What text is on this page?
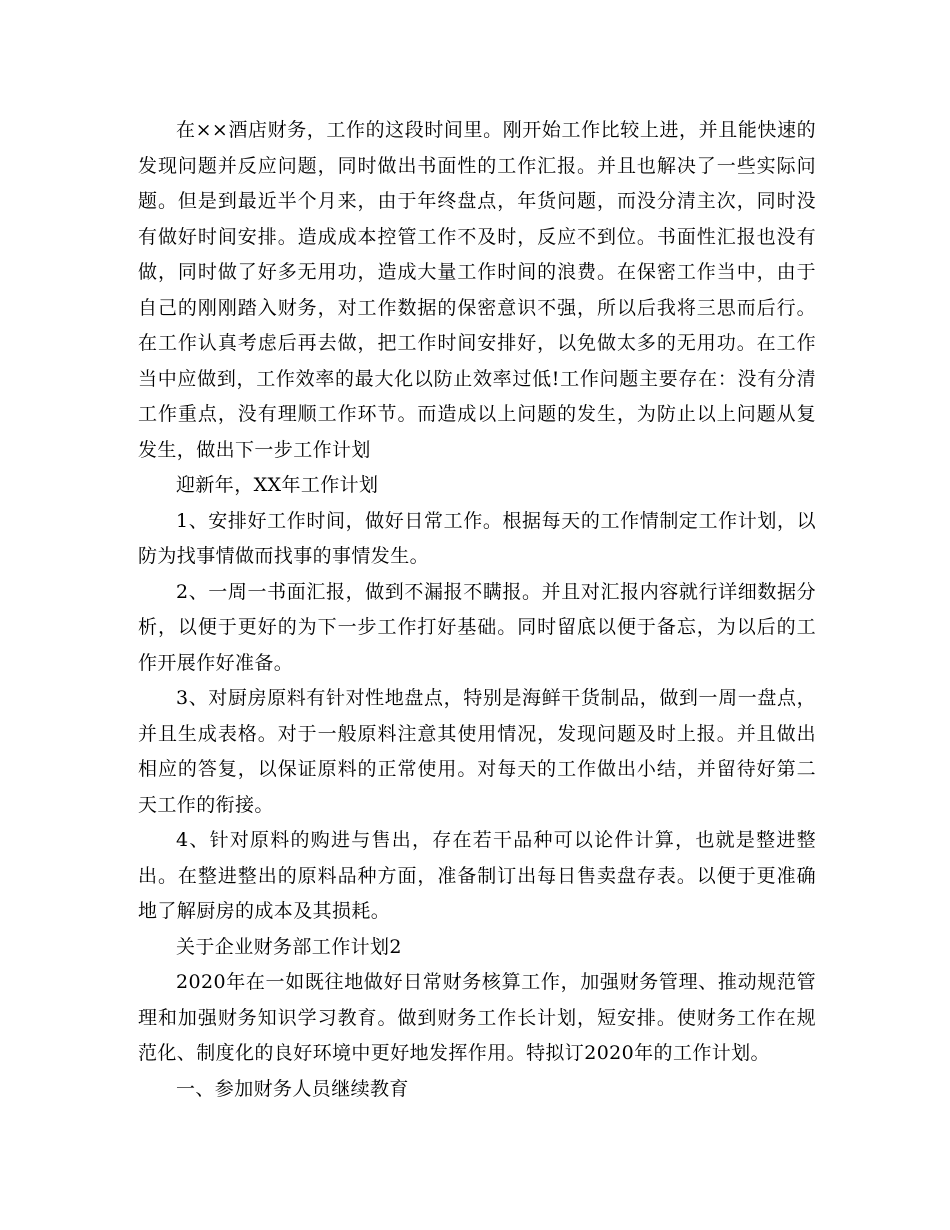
在××酒店财务，工作的这段时间里。刚开始工作比较上进，并且能快速的发现问题并反应问题，同时做出书面性的工作汇报。并且也解决了一些实际问题。但是到最近半个月来，由于年终盘点，年货问题，而没分清主次，同时没有做好时间安排。造成成本控管工作不及时，反应不到位。书面性汇报也没有做，同时做了好多无用功，造成大量工作时间的浪费。在保密工作当中，由于自己的刚刚踏入财务，对工作数据的保密意识不强，所以后我将三思而后行。在工作认真考虑后再去做，把工作时间安排好，以免做太多的无用功。在工作当中应做到，工作效率的最大化以防止效率过低!工作问题主要存在：没有分清工作重点，没有理顺工作环节。而造成以上问题的发生，为防止以上问题从复发生，做出下一步工作计划

迎新年，XX年工作计划

1、安排好工作时间，做好日常工作。根据每天的工作情制定工作计划，以防为找事情做而找事的事情发生。

2、一周一书面汇报，做到不漏报不瞒报。并且对汇报内容就行详细数据分析，以便于更好的为下一步工作打好基础。同时留底以便于备忘，为以后的工作开展作好准备。

3、对厨房原料有针对性地盘点，特别是海鲜干货制品，做到一周一盘点，并且生成表格。对于一般原料注意其使用情况，发现问题及时上报。并且做出相应的答复，以保证原料的正常使用。对每天的工作做出小结，并留待好第二天工作的衔接。

4、针对原料的购进与售出，存在若干品种可以论件计算，也就是整进整出。在整进整出的原料品种方面，准备制订出每日售卖盘存表。以便于更准确地了解厨房的成本及其损耗。

关于企业财务部工作计划2

2020年在一如既往地做好日常财务核算工作，加强财务管理、推动规范管理和加强财务知识学习教育。做到财务工作长计划，短安排。使财务工作在规范化、制度化的良好环境中更好地发挥作用。特拟订2020年的工作计划。

一、参加财务人员继续教育
